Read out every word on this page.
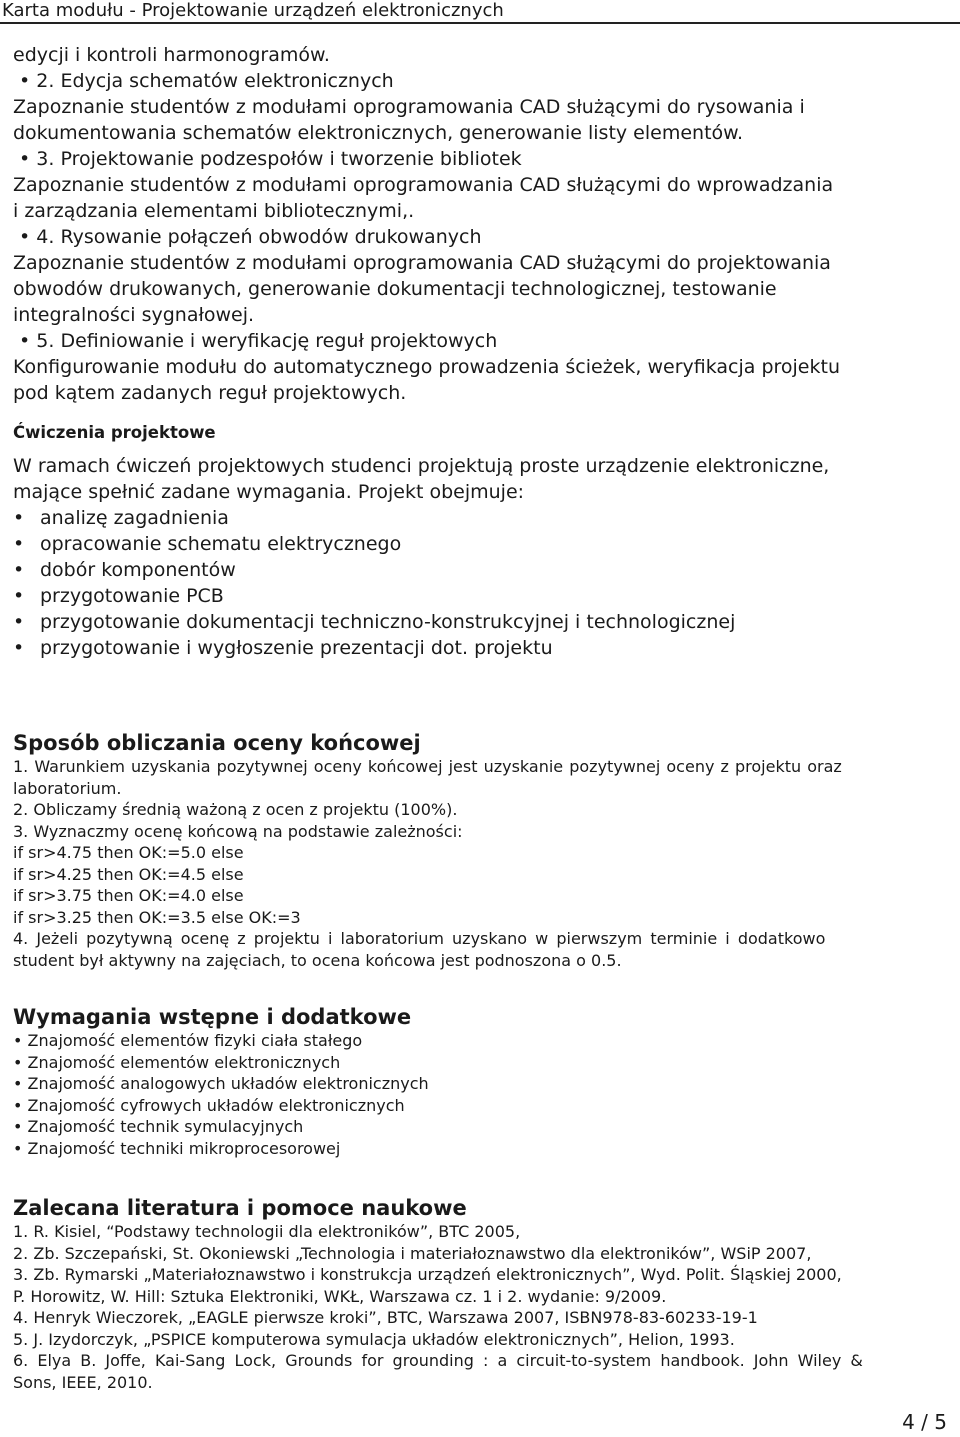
Karta modułu - Projektowanie urządzeń elektronicznych
edycji i kontroli harmonogramów.
• 2. Edycja schematów elektronicznych
Zapoznanie studentów z modułami oprogramowania CAD służącymi do rysowania i
dokumentowania schematów elektronicznych, generowanie listy elementów.
• 3. Projektowanie podzespołów i tworzenie bibliotek
Zapoznanie studentów z modułami oprogramowania CAD służącymi do wprowadzania
i zarządzania elementami bibliotecznymi,.
• 4. Rysowanie połączeń obwodów drukowanych
Zapoznanie studentów z modułami oprogramowania CAD służącymi do projektowania
obwodów drukowanych, generowanie dokumentacji technologicznej, testowanie
integralności sygnałowej.
• 5. Definiowanie i weryfikację reguł projektowych
Konfigurowanie modułu do automatycznego prowadzenia ścieżek, weryfikacja projektu
pod kątem zadanych reguł projektowych.
Ćwiczenia projektowe
W ramach ćwiczeń projektowych studenci projektują proste urządzenie elektroniczne,
mające spełnić zadane wymagania. Projekt obejmuje:
• analizę zagadnienia
• opracowanie schematu elektrycznego
• dobór komponentów
• przygotowanie PCB
• przygotowanie dokumentacji techniczno-konstrukcyjnej i technologicznej
• przygotowanie i wygłoszenie prezentacji dot. projektu
Sposób obliczania oceny końcowej
1. Warunkiem uzyskania pozytywnej oceny końcowej jest uzyskanie pozytywnej oceny z projektu oraz
laboratorium.
2. Obliczamy średnią ważoną z ocen z projektu (100%).
3. Wyznaczmy ocenę końcową na podstawie zależności:
if sr>4.75 then OK:=5.0 else
if sr>4.25 then OK:=4.5 else
if sr>3.75 then OK:=4.0 else
if sr>3.25 then OK:=3.5 else OK:=3
4. Jeżeli pozytywną ocenę z projektu i laboratorium uzyskano w pierwszym terminie i dodatkowo
student był aktywny na zajęciach, to ocena końcowa jest podnoszona o 0.5.
Wymagania wstępne i dodatkowe
• Znajomość elementów fizyki ciała stałego
• Znajomość elementów elektronicznych
• Znajomość analogowych układów elektronicznych
• Znajomość cyfrowych układów elektronicznych
• Znajomość technik symulacyjnych
• Znajomość techniki mikroprocesorowej
Zalecana literatura i pomoce naukowe
1. R. Kisiel, “Podstawy technologii dla elektroników”, BTC 2005,
2. Zb. Szczepański, St. Okoniewski „Technologia i materiałoznawstwo dla elektroników”, WSiP 2007,
3. Zb. Rymarski „Materiałoznawstwo i konstrukcja urządzeń elektronicznych”, Wyd. Polit. Śląskiej 2000,
P. Horowitz, W. Hill: Sztuka Elektroniki, WKŁ, Warszawa cz. 1 i 2. wydanie: 9/2009.
4. Henryk Wieczorek, „EAGLE pierwsze kroki”, BTC, Warszawa 2007, ISBN978-83-60233-19-1
5. J. Izydorczyk, „PSPICE komputerowa symulacja układów elektronicznych”, Helion, 1993.
6. Elya B. Joffe, Kai-Sang Lock, Grounds for grounding : a circuit-to-system handbook. John Wiley &
Sons, IEEE, 2010.
4 / 5
